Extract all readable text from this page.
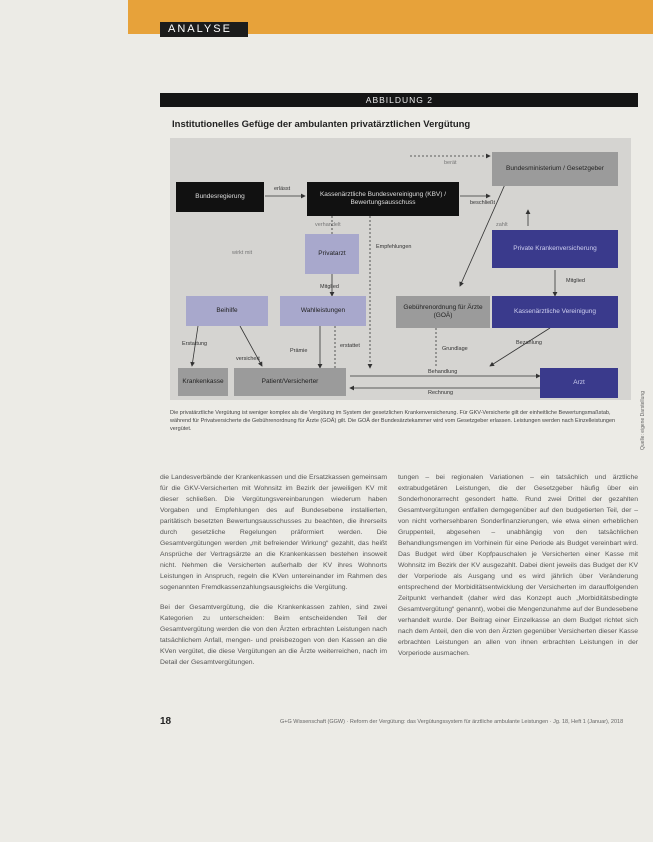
ANALYSE
ABBILDUNG 2
Institutionelles Gefüge der ambulanten privatärztlichen Vergütung
Bundesregierung	Kassenärztliche Bundesvereinigung (KBV) / Bewertungsausschuss
Bundesministerium / Gesetzgeber
Privatarzt
Private Krankenversicherung
Beihilfe	Wahlleistungen	Gebührenordnung für Ärzte (GOÄ)
Kassenärztliche Vereinigung
Krankenkasse	Patient/Versicherter	Arzt
erlässt
berät
beschließt
verhandelt
Empfehlungen
wirkt mit
zahlt
Mitglied
Mitglied
Erstattung
versichert
Prämie
erstattet	Grundlage
Bezahlung
Behandlung
Rechnung
Die privatärztliche Vergütung ist weniger komplex als die Vergütung im System der gesetzlichen Krankenversicherung. Für GKV-Versicherte gilt der einheitliche Bewertungsmaßstab, während für Privatversicherte die Gebührenordnung für Ärzte (GOÄ) gilt. Die GOÄ der Bundesärztekammer wird vom Gesetzgeber erlassen. Leistungen werden nach Einzelleistungen vergütet.	Quelle: eigene Darstellung

die Landesverbände der Krankenkassen und die Ersatzkassen gemeinsam für die GKV-Versicherten mit Wohnsitz im Bezirk der jeweiligen KV mit dieser schließen. Die Vergütungsvereinbarungen wiederum haben Vorgaben und Empfehlungen des auf Bundesebene installierten, paritätisch besetzten Bewertungsausschusses zu beachten, die ihrerseits durch gesetzliche Regelungen präformiert werden. Die Gesamtvergütungen werden „mit befreiender Wirkung“ gezahlt, das heißt Ansprüche der Vertragsärzte an die Krankenkassen bestehen insoweit nicht. Nehmen die Versicherten außerhalb der KV ihres Wohnorts Leistungen in Anspruch, regeln die KVen untereinander im Rahmen des sogenannten Fremdkassenzahlungsausgleichs die Vergütung.

Bei der Gesamtvergütung, die die Krankenkassen zahlen, sind zwei Kategorien zu unterscheiden: Beim entscheidenden Teil der Gesamtvergütung werden die von den Ärzten erbrachten Leistungen nach tatsächlichem Anfall, mengen- und preisbezogen von den Kassen an die KVen vergütet, die diese Vergütungen an die Ärzte weiterreichen, nach im Detail der Gesamtvergütungen.

tungen – bei regionalen Variationen – ein tatsächlich und ärztliche extrabudgetären Leistungen, die der Gesetzgeber häufig über ein Sonderhonorarrecht gesondert hatte. Rund zwei Drittel der gezahlten Gesamtvergütungen entfallen demgegenüber auf den budgetierten Teil, der – von nicht vorhersehbaren Sonderfinanzierungen, wie etwa einen erheblichen Gruppenteil, abgesehen – unabhängig von den tatsächlichen Behandlungsmengen im Vorhinein für eine Periode als Budget vereinbart wird. Das Budget wird über Kopfpauschalen je Versicherten einer Kasse mit Wohnsitz im Bezirk der KV ausgezahlt. Dabei dient jeweils das Budget der KV der Vorperiode als Ausgang und es wird jährlich über Veränderung entsprechend der Morbiditätsentwicklung der Versicherten im darauffolgenden Zeitpunkt verhandelt (daher wird das Konzept auch „Morbiditätsbedingte Gesamtvergütung“ genannt), wobei die Mengenzunahme auf der Bundesebene verhandelt wurde. Der Beitrag einer Einzelkasse an dem Budget richtet sich nach dem Anteil, den die von den Ärzten gegenüber Versicherten dieser Kasse erbrachten Leistungen an allen von ihnen erbrachten Leistungen in der Vorperiode ausmachen.

18	G+G Wissenschaft (GGW) · Reform der Vergütung: das Vergütungssystem für ärztliche ambulante Leistungen · Jg. 18, Heft 1 (Januar), 2018
